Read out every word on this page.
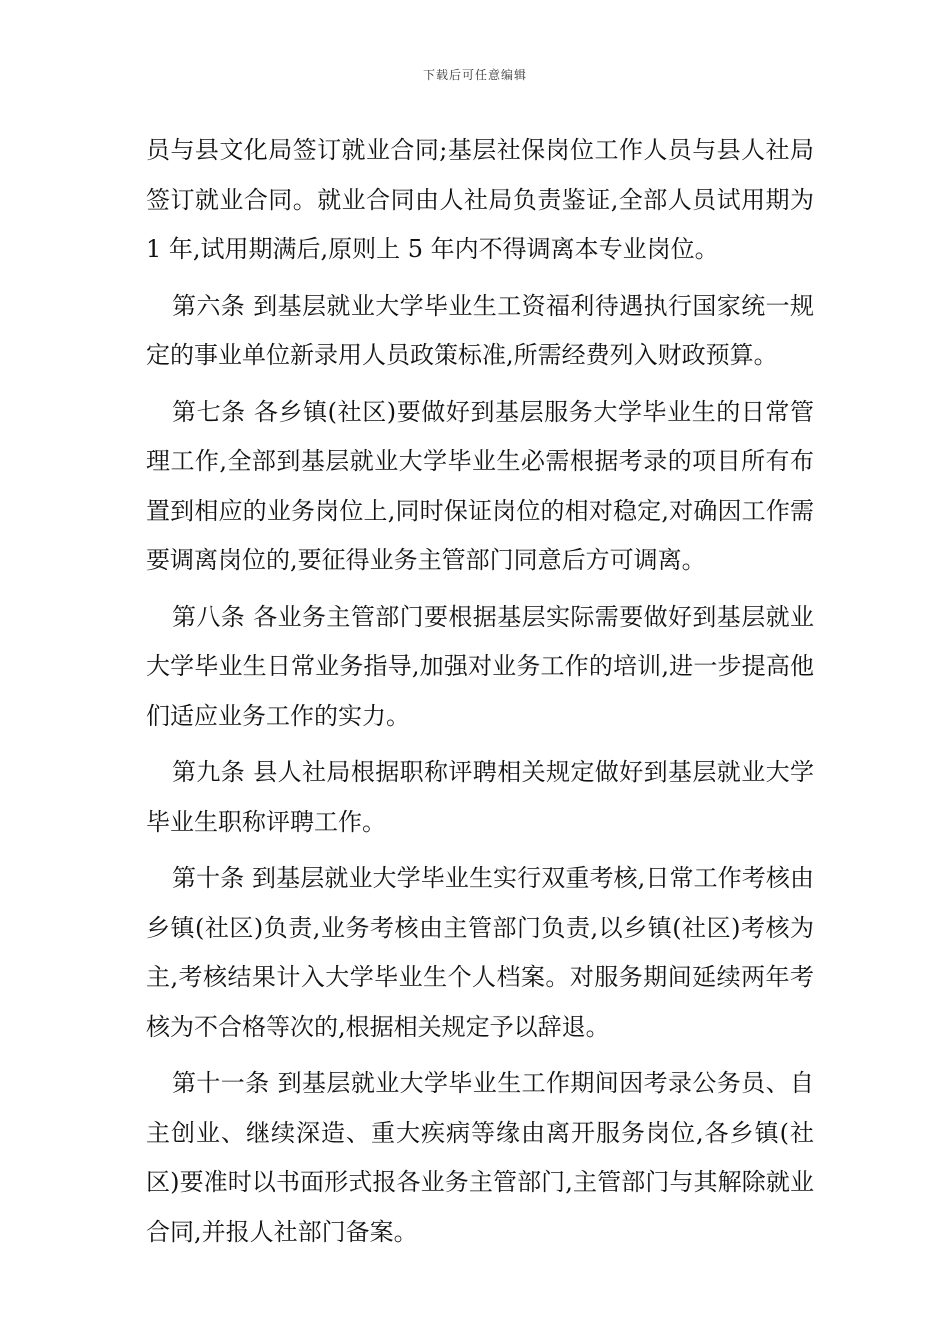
下载后可任意编辑

员与县文化局签订就业合同;基层社保岗位工作人员与县人社局签订就业合同。就业合同由人社局负责鉴证,全部人员试用期为 1 年,试用期满后,原则上 5 年内不得调离本专业岗位。

第六条 到基层就业大学毕业生工资福利待遇执行国家统一规定的事业单位新录用人员政策标准,所需经费列入财政预算。

第七条 各乡镇(社区)要做好到基层服务大学毕业生的日常管理工作,全部到基层就业大学毕业生必需根据考录的项目所有布置到相应的业务岗位上,同时保证岗位的相对稳定,对确因工作需要调离岗位的,要征得业务主管部门同意后方可调离。

第八条 各业务主管部门要根据基层实际需要做好到基层就业大学毕业生日常业务指导,加强对业务工作的培训,进一步提高他们适应业务工作的实力。

第九条 县人社局根据职称评聘相关规定做好到基层就业大学毕业生职称评聘工作。

第十条 到基层就业大学毕业生实行双重考核,日常工作考核由乡镇(社区)负责,业务考核由主管部门负责,以乡镇(社区)考核为主,考核结果计入大学毕业生个人档案。对服务期间延续两年考核为不合格等次的,根据相关规定予以辞退。

第十一条 到基层就业大学毕业生工作期间因考录公务员、自主创业、继续深造、重大疾病等缘由离开服务岗位,各乡镇(社区)要准时以书面形式报各业务主管部门,主管部门与其解除就业合同,并报人社部门备案。
